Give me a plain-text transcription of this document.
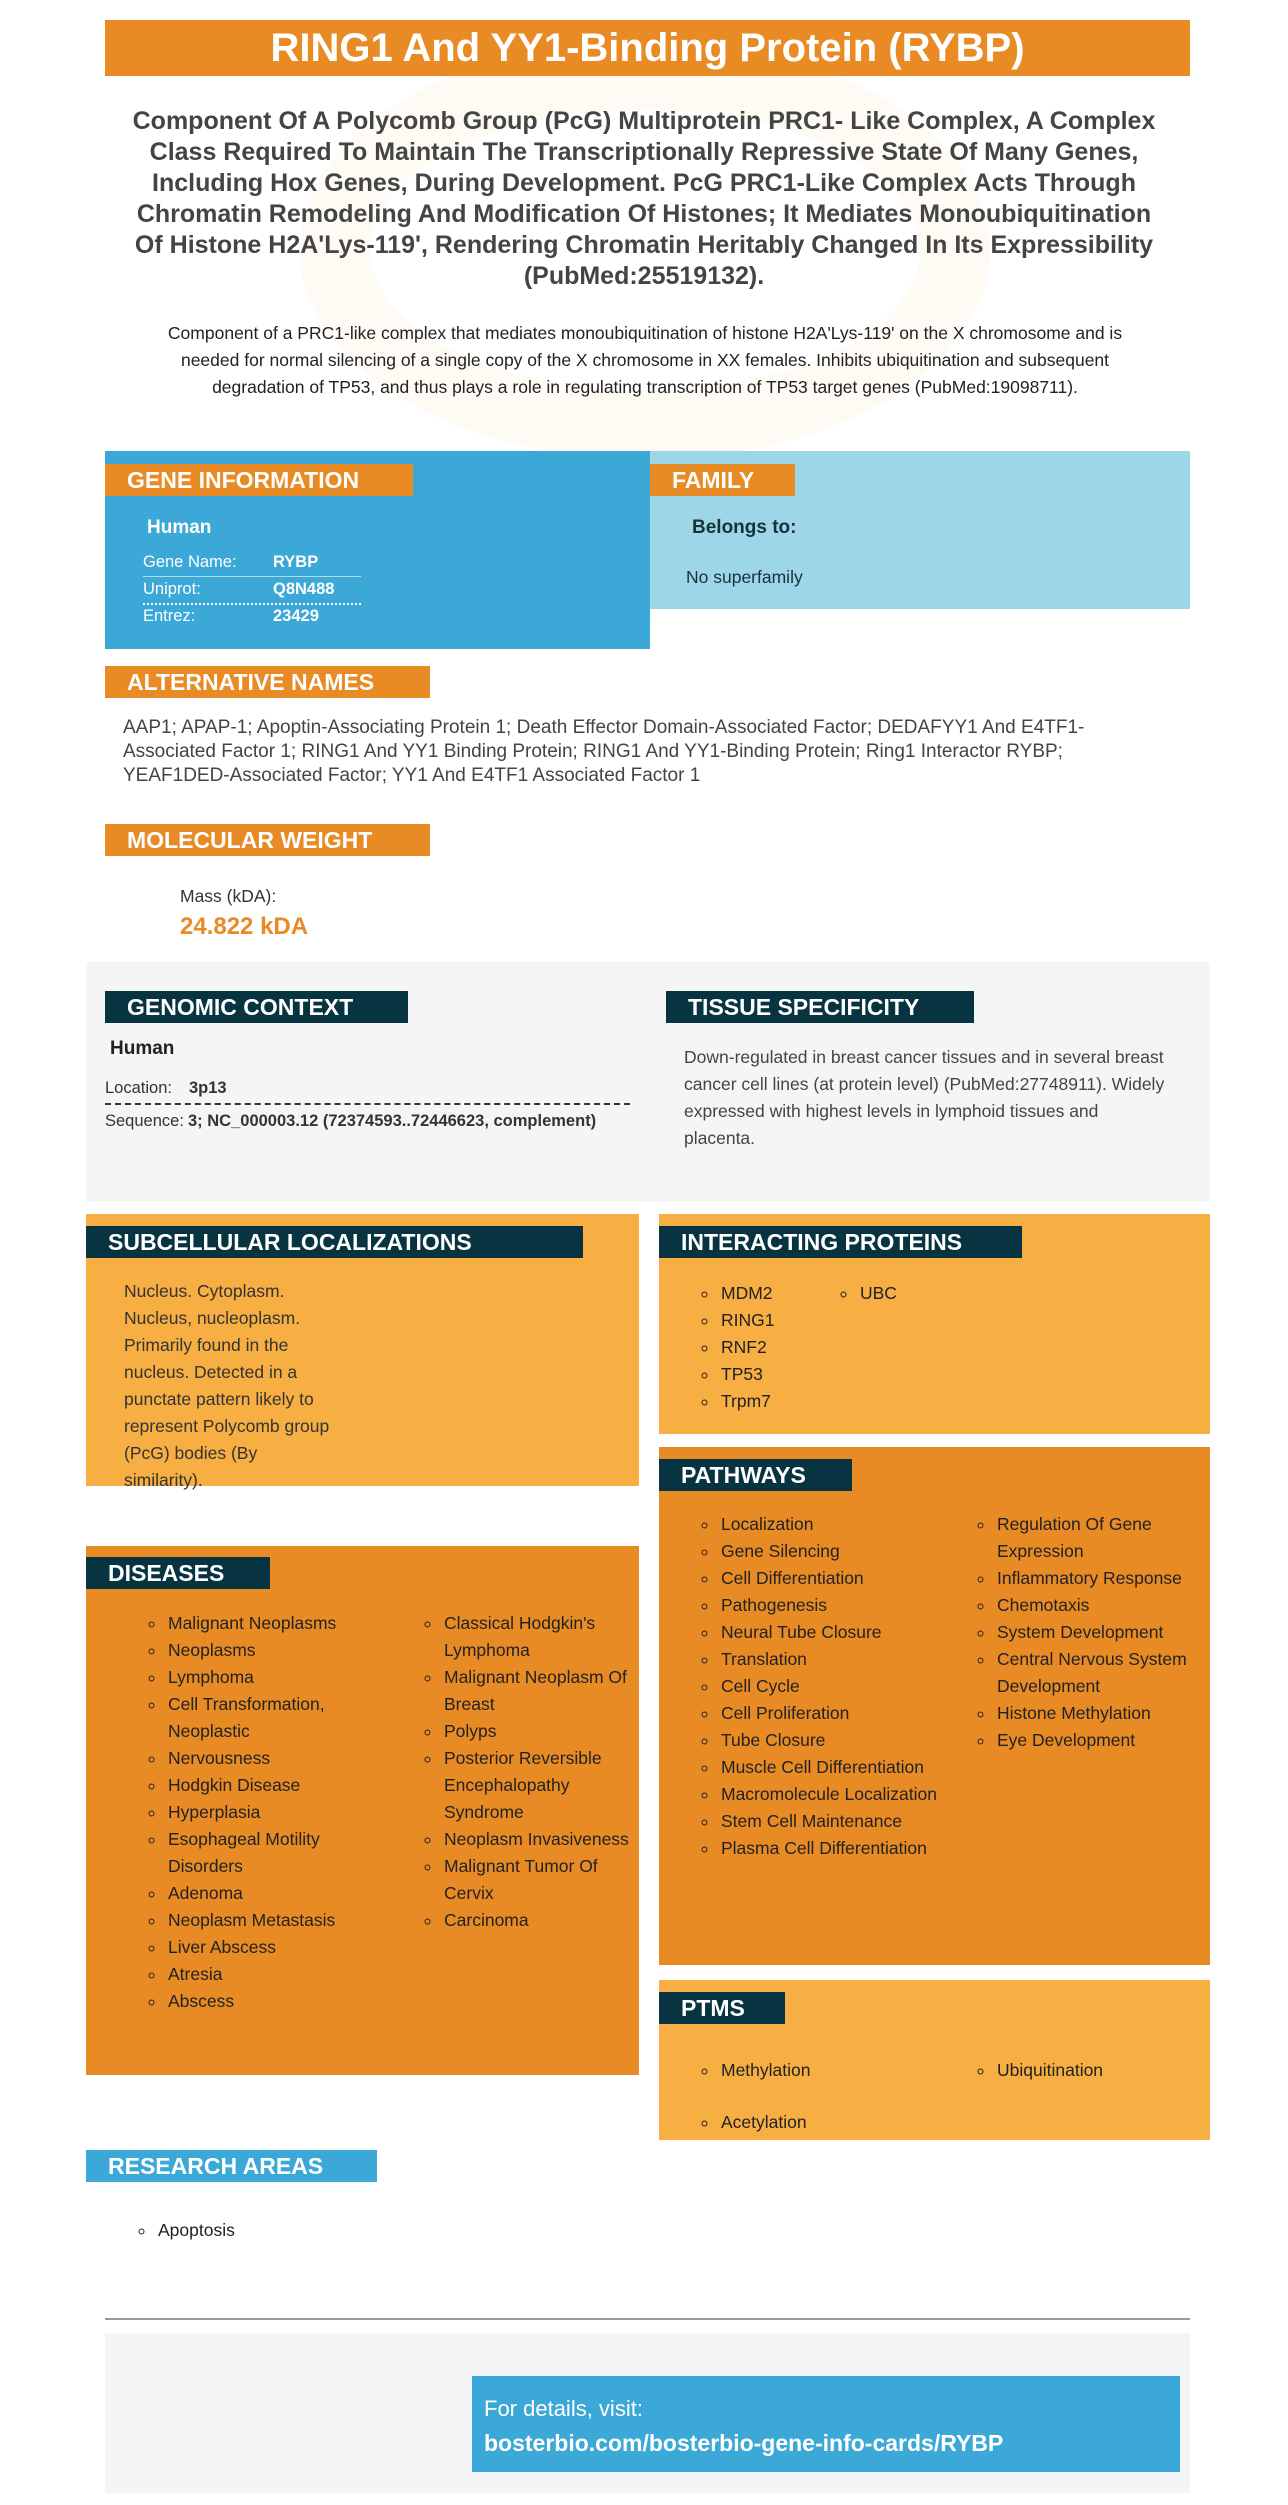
RING1 And YY1-Binding Protein (RYBP)
Component Of A Polycomb Group (PcG) Multiprotein PRC1- Like Complex, A Complex Class Required To Maintain The Transcriptionally Repressive State Of Many Genes, Including Hox Genes, During Development. PcG PRC1-Like Complex Acts Through Chromatin Remodeling And Modification Of Histones; It Mediates Monoubiquitination Of Histone H2A'Lys-119', Rendering Chromatin Heritably Changed In Its Expressibility (PubMed:25519132).
Component of a PRC1-like complex that mediates monoubiquitination of histone H2A'Lys-119' on the X chromosome and is needed for normal silencing of a single copy of the X chromosome in XX females. Inhibits ubiquitination and subsequent degradation of TP53, and thus plays a role in regulating transcription of TP53 target genes (PubMed:19098711).
GENE INFORMATION
Human
Gene Name: RYBP
Uniprot:	Q8N488
Entrez:	23429
FAMILY
Belongs to:
No superfamily
ALTERNATIVE NAMES
AAP1; APAP-1; Apoptin-Associating Protein 1; Death Effector Domain-Associated Factor; DEDAFYY1 And E4TF1-Associated Factor 1; RING1 And YY1 Binding Protein; RING1 And YY1-Binding Protein; Ring1 Interactor RYBP; YEAF1DED-Associated Factor; YY1 And E4TF1 Associated Factor 1
MOLECULAR WEIGHT
Mass (kDA):
24.822 kDA
GENOMIC CONTEXT
Human
Location: 3p13
Sequence: 3; NC_000003.12 (72374593..72446623, complement)
TISSUE SPECIFICITY
Down-regulated in breast cancer tissues and in several breast cancer cell lines (at protein level) (PubMed:27748911). Widely expressed with highest levels in lymphoid tissues and placenta.
SUBCELLULAR LOCALIZATIONS
Nucleus. Cytoplasm. Nucleus, nucleoplasm. Primarily found in the nucleus. Detected in a punctate pattern likely to represent Polycomb group (PcG) bodies (By similarity).
INTERACTING PROTEINS
◦ MDM2
◦ RING1
◦ RNF2
◦ TP53
◦ Trpm7
◦ UBC
PATHWAYS
◦ Localization
◦ Gene Silencing
◦ Cell Differentiation
◦ Pathogenesis
◦ Neural Tube Closure
◦ Translation
◦ Cell Cycle
◦ Cell Proliferation
◦ Tube Closure
◦ Muscle Cell Differentiation
◦ Macromolecule Localization
◦ Stem Cell Maintenance
◦ Plasma Cell Differentiation
◦ Regulation Of Gene Expression
◦ Inflammatory Response
◦ Chemotaxis
◦ System Development
◦ Central Nervous System Development
◦ Histone Methylation
◦ Eye Development
DISEASES
◦ Malignant Neoplasms
◦ Neoplasms
◦ Lymphoma
◦ Cell Transformation, Neoplastic
◦ Nervousness
◦ Hodgkin Disease
◦ Hyperplasia
◦ Esophageal Motility Disorders
◦ Adenoma
◦ Neoplasm Metastasis
◦ Liver Abscess
◦ Atresia
◦ Abscess
◦ Classical Hodgkin's Lymphoma
◦ Malignant Neoplasm Of Breast
◦ Polyps
◦ Posterior Reversible Encephalopathy Syndrome
◦ Neoplasm Invasiveness
◦ Malignant Tumor Of Cervix
◦ Carcinoma
PTMS
◦ Methylation
◦ Acetylation
◦ Ubiquitination
RESEARCH AREAS
◦ Apoptosis
For details, visit:
bosterbio.com/bosterbio-gene-info-cards/RYBP
